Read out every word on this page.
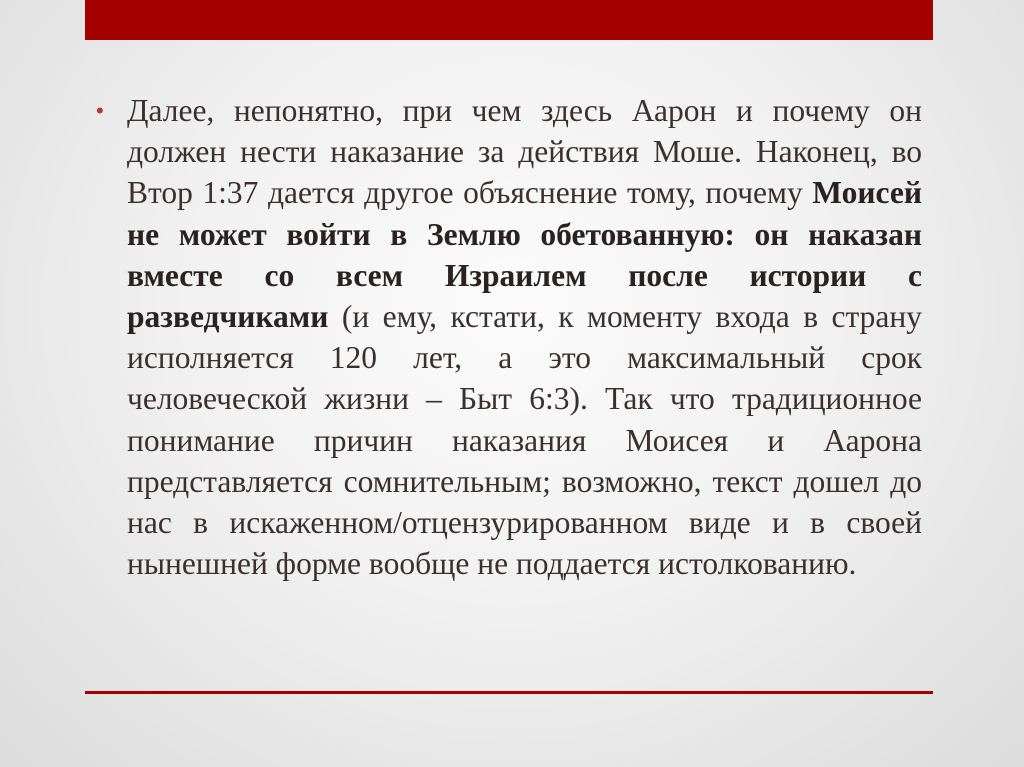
• Далее, непонятно, при чем здесь Аарон и почему он должен нести наказание за действия Моше. Наконец, во Втор 1:37 дается другое объяснение тому, почему Моисей не может войти в Землю обетованную: он наказан вместе со всем Израилем после истории с разведчиками (и ему, кстати, к моменту входа в страну исполняется 120 лет, а это максимальный срок человеческой жизни – Быт 6:3). Так что традиционное понимание причин наказания Моисея и Аарона представляется сомнительным; возможно, текст дошел до нас в искаженном/отцензурированном виде и в своей нынешней форме вообще не поддается истолкованию.
